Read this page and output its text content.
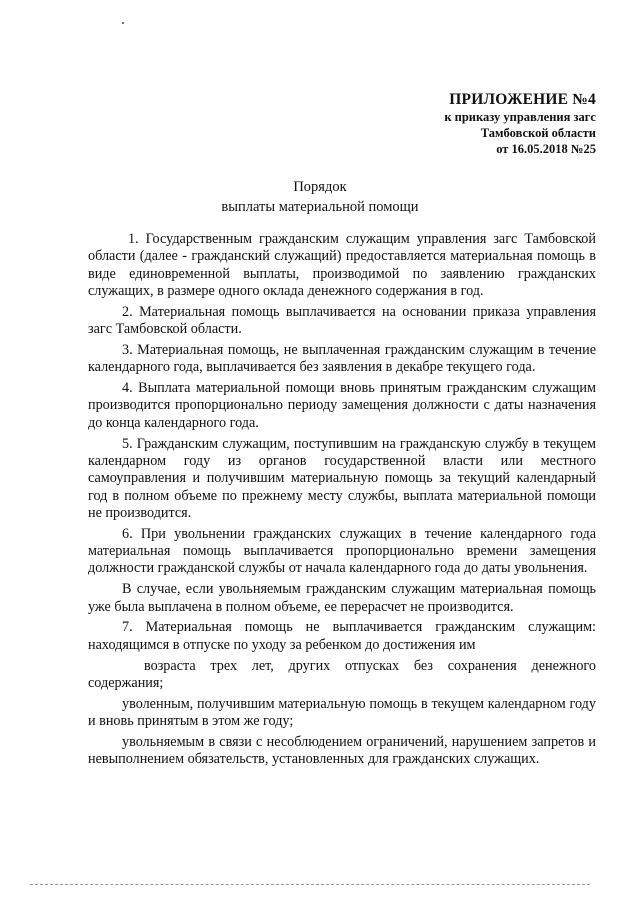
ПРИЛОЖЕНИЕ №4
к приказу управления загс
Тамбовской области
от 16.05.2018 №25
Порядок
выплаты материальной помощи

1. Государственным гражданским служащим управления загс Тамбовской области (далее - гражданский служащий) предоставляется материальная помощь в виде единовременной выплаты, производимой по заявлению гражданских служащих, в размере одного оклада денежного содержания в год.

2. Материальная помощь выплачивается на основании приказа управления загс Тамбовской области.

3. Материальная помощь, не выплаченная гражданским служащим в течение календарного года, выплачивается без заявления в декабре текущего года.

4. Выплата материальной помощи вновь принятым гражданским служащим производится пропорционально периоду замещения должности с даты назначения до конца календарного года.

5. Гражданским служащим, поступившим на гражданскую службу в текущем календарном году из органов государственной власти или местного самоуправления и получившим материальную помощь за текущий календарный год в полном объеме по прежнему месту службы, выплата материальной помощи не производится.

6. При увольнении гражданских служащих в течение календарного года материальная помощь выплачивается пропорционально времени замещения должности гражданской службы от начала календарного года до даты увольнения.

В случае, если увольняемым гражданским служащим материальная помощь уже была выплачена в полном объеме, ее перерасчет не производится.

7. Материальная помощь не выплачивается гражданским служащим: находящимся в отпуске по уходу за ребенком до достижения им

возраста трех лет, других отпусках без сохранения денежного содержания;

уволенным, получившим материальную помощь в текущем календарном году и вновь принятым в этом же году;

увольняемым в связи с несоблюдением ограничений, нарушением запретов и невыполнением обязательств, установленных для гражданских служащих.
